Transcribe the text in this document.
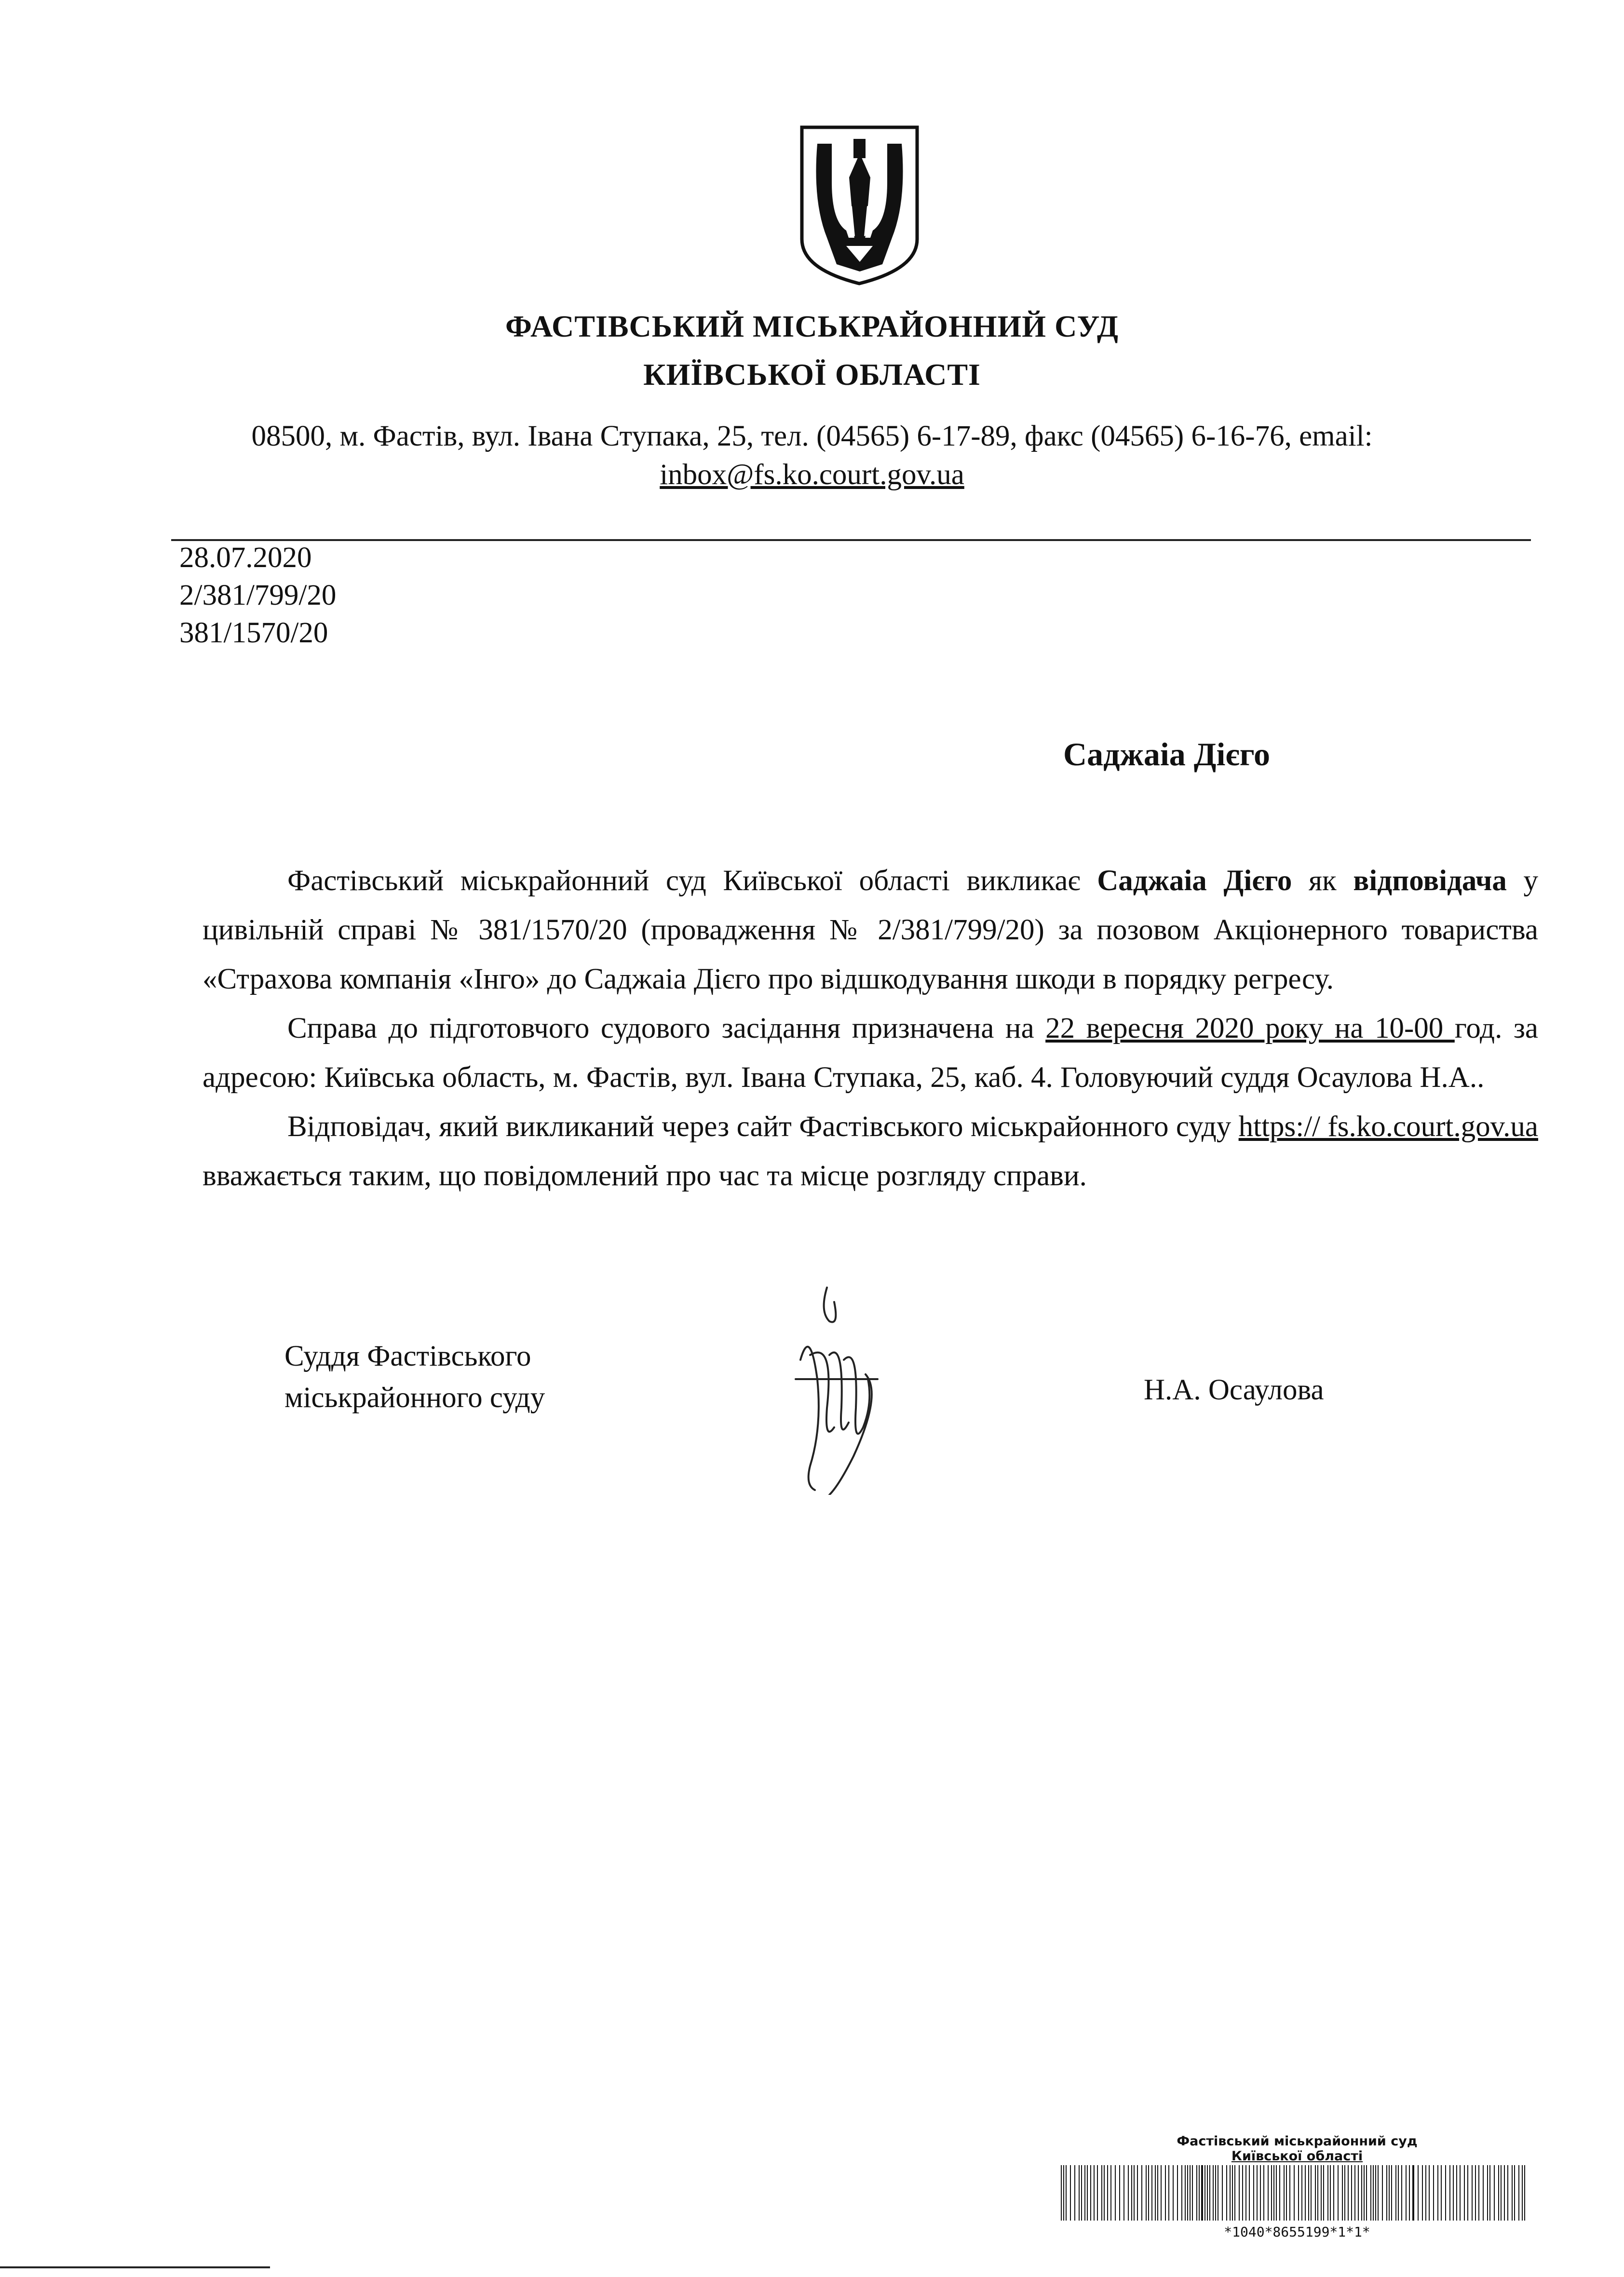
ФАСТІВСЬКИЙ МІСЬКРАЙОННИЙ СУД
КИЇВСЬКОЇ ОБЛАСТІ
08500, м. Фастів, вул. Івана Ступака, 25, тел. (04565) 6-17-89, факс (04565) 6-16-76, email:
inbox@fs.ko.court.gov.ua
28.07.2020
2/381/799/20
381/1570/20
Саджаіа Дієго

Фастівський міськрайонний суд Київської області викликає Саджаіа Дієго як відповідача у цивільній справі № 381/1570/20 (провадження № 2/381/799/20) за позовом Акціонерного товариства «Страхова компанія «Інго» до Саджаіа Дієго про відшкодування шкоди в порядку регресу.

Справа до підготовчого судового засідання призначена на 22 вересня 2020 року на 10-00 год. за адресою: Київська область, м. Фастів, вул. Івана Ступака, 25, каб. 4. Головуючий суддя Осаулова Н.А..

Відповідач, який викликаний через сайт Фастівського міськрайонного суду https:// fs.ko.court.gov.ua вважається таким, що повідомлений про час та місце розгляду справи.

Суддя Фастівського
міськрайонного суду	Н.А. Осаулова
Фастівський міськрайонний суд
Київської області
*1040*8655199*1*1*
